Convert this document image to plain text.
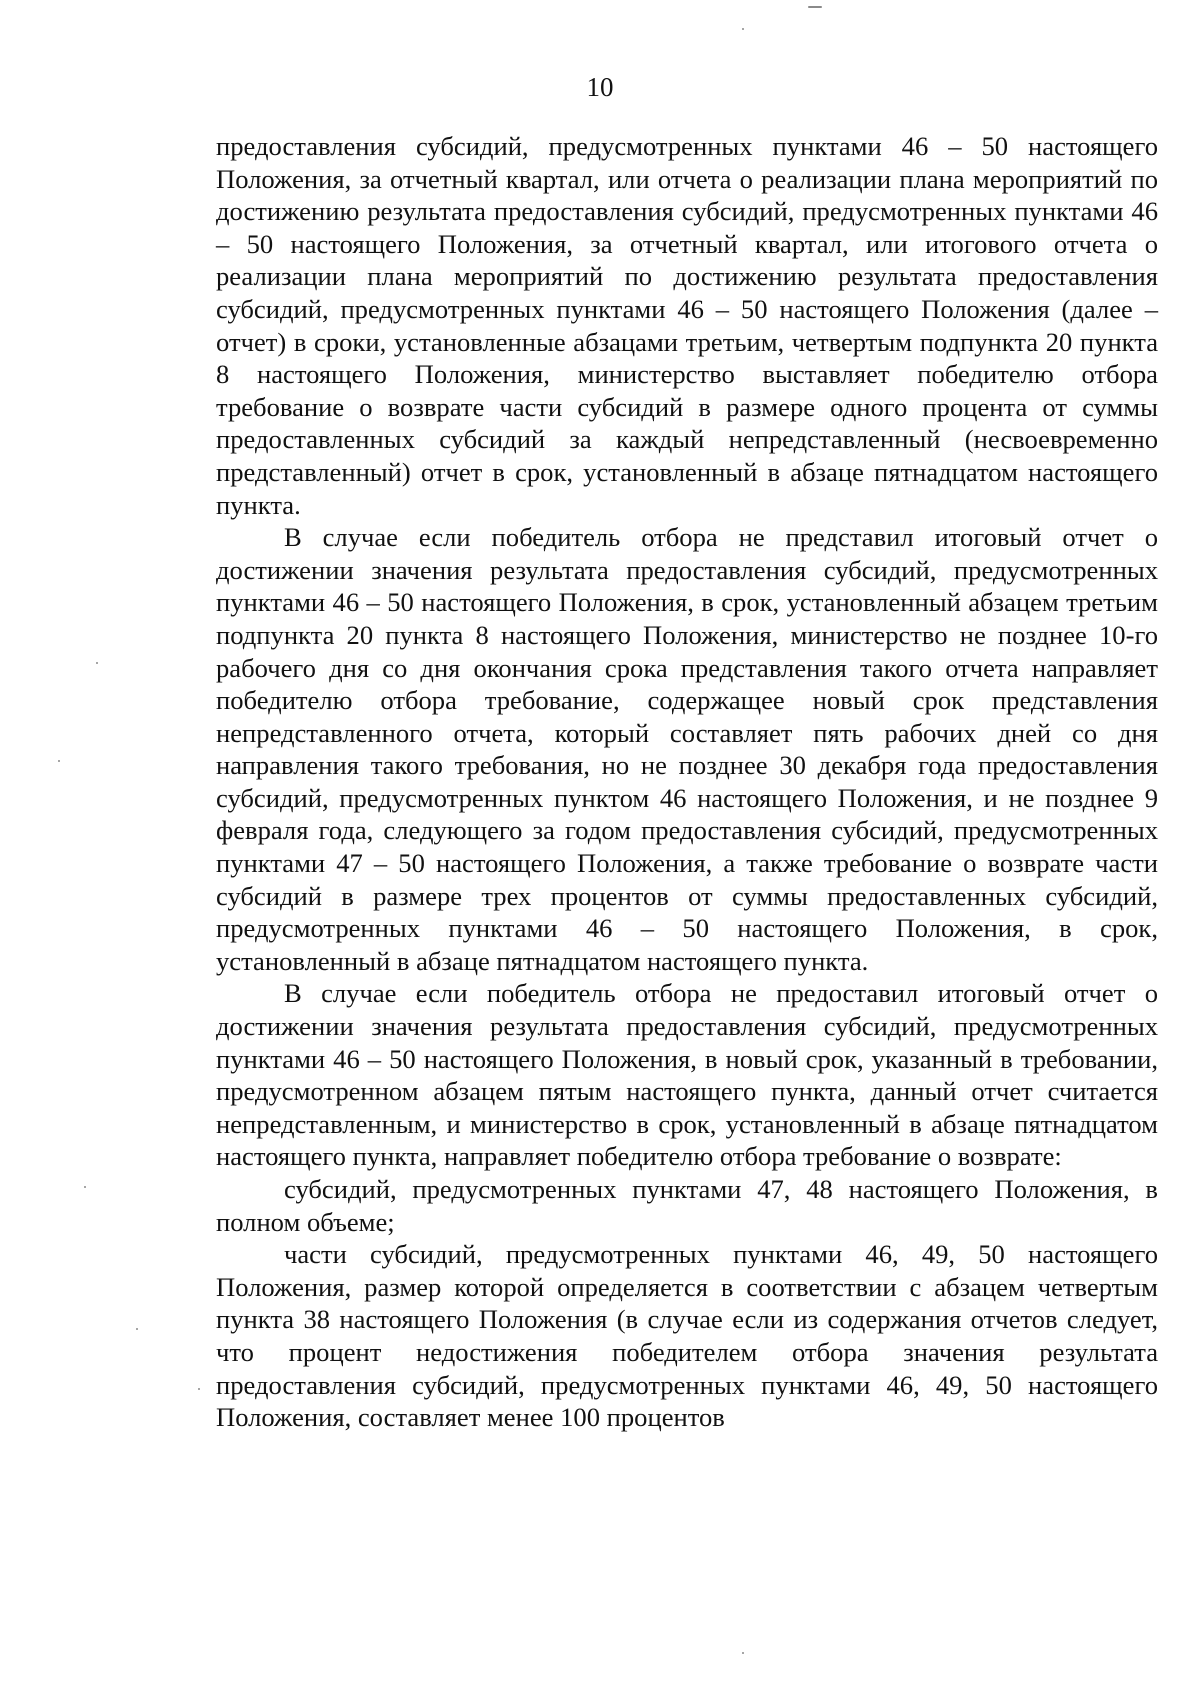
10

предоставления субсидий, предусмотренных пунктами 46 – 50 настоящего Положения, за отчетный квартал, или отчета о реализации плана мероприятий по достижению результата предоставления субсидий, предусмотренных пунктами 46 – 50 настоящего Положения, за отчетный квартал, или итогового отчета о реализации плана мероприятий по достижению результата предоставления субсидий, предусмотренных пунктами 46 – 50 настоящего Положения (далее – отчет) в сроки, установленные абзацами третьим, четвертым подпункта 20 пункта 8 настоящего Положения, министерство выставляет победителю отбора требование о возврате части субсидий в размере одного процента от суммы предоставленных субсидий за каждый непредставленный (несвоевременно представленный) отчет в срок, установленный в абзаце пятнадцатом настоящего пункта.

В случае если победитель отбора не представил итоговый отчет о достижении значения результата предоставления субсидий, предусмотренных пунктами 46 – 50 настоящего Положения, в срок, установленный абзацем третьим подпункта 20 пункта 8 настоящего Положения, министерство не позднее 10-го рабочего дня со дня окончания срока представления такого отчета направляет победителю отбора требование, содержащее новый срок представления непредставленного отчета, который составляет пять рабочих дней со дня направления такого требования, но не позднее 30 декабря года предоставления субсидий, предусмотренных пунктом 46 настоящего Положения, и не позднее 9 февраля года, следующего за годом предоставления субсидий, предусмотренных пунктами 47 – 50 настоящего Положения, а также требование о возврате части субсидий в размере трех процентов от суммы предоставленных субсидий, предусмотренных пунктами 46 – 50 настоящего Положения, в срок, установленный в абзаце пятнадцатом настоящего пункта.

В случае если победитель отбора не предоставил итоговый отчет о достижении значения результата предоставления субсидий, предусмотренных пунктами 46 – 50 настоящего Положения, в новый срок, указанный в требовании, предусмотренном абзацем пятым настоящего пункта, данный отчет считается непредставленным, и министерство в срок, установленный в абзаце пятнадцатом настоящего пункта, направляет победителю отбора требование о возврате:

субсидий, предусмотренных пунктами 47, 48 настоящего Положения, в полном объеме;

части субсидий, предусмотренных пунктами 46, 49, 50 настоящего Положения, размер которой определяется в соответствии с абзацем четвертым пункта 38 настоящего Положения (в случае если из содержания отчетов следует, что процент недостижения победителем отбора значения результата предоставления субсидий, предусмотренных пунктами 46, 49, 50 настоящего Положения, составляет менее 100 процентов
